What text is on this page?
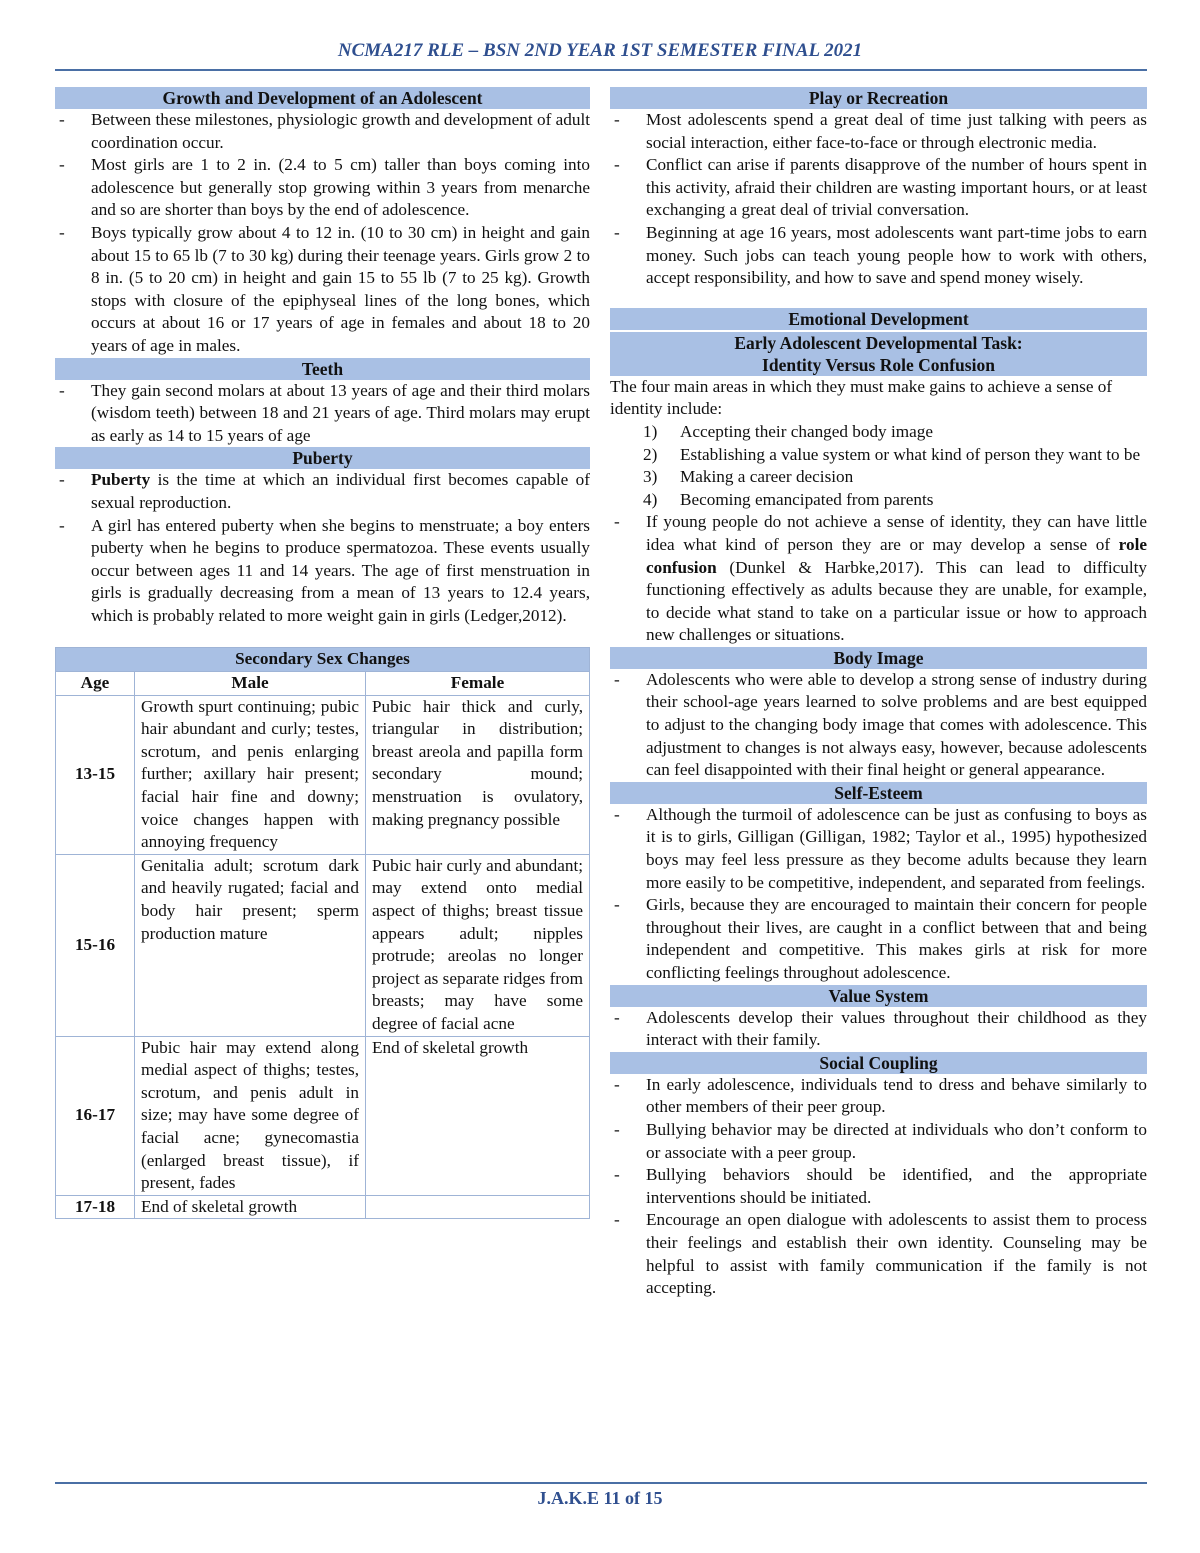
NCMA217 RLE – BSN 2ND YEAR 1ST SEMESTER FINAL 2021
Growth and Development of an Adolescent
- Between these milestones, physiologic growth and development of adult coordination occur.
- Most girls are 1 to 2 in. (2.4 to 5 cm) taller than boys coming into adolescence but generally stop growing within 3 years from menarche and so are shorter than boys by the end of adolescence.
- Boys typically grow about 4 to 12 in. (10 to 30 cm) in height and gain about 15 to 65 lb (7 to 30 kg) during their teenage years. Girls grow 2 to 8 in. (5 to 20 cm) in height and gain 15 to 55 lb (7 to 25 kg). Growth stops with closure of the epiphyseal lines of the long bones, which occurs at about 16 or 17 years of age in females and about 18 to 20 years of age in males.
Teeth
- They gain second molars at about 13 years of age and their third molars (wisdom teeth) between 18 and 21 years of age. Third molars may erupt as early as 14 to 15 years of age
Puberty
- Puberty is the time at which an individual first becomes capable of sexual reproduction.
- A girl has entered puberty when she begins to menstruate; a boy enters puberty when he begins to produce spermatozoa. These events usually occur between ages 11 and 14 years. The age of first menstruation in girls is gradually decreasing from a mean of 13 years to 12.4 years, which is probably related to more weight gain in girls (Ledger,2012).
Secondary Sex Changes		
Age	Male	Female
13-15	Growth spurt continuing; pubic hair abundant and curly; testes, scrotum, and penis enlarging further; axillary hair present; facial hair fine and downy; voice changes happen with annoying frequency	Pubic hair thick and curly, triangular in distribution; breast areola and papilla form secondary mound; menstruation is ovulatory, making pregnancy possible
15-16	Genitalia adult; scrotum dark and heavily rugated; facial and body hair present; sperm production mature	Pubic hair curly and abundant; may extend onto medial aspect of thighs; breast tissue appears adult; nipples protrude; areolas no longer project as separate ridges from breasts; may have some degree of facial acne
16-17	Pubic hair may extend along medial aspect of thighs; testes, scrotum, and penis adult in size; may have some degree of facial acne; gynecomastia (enlarged breast tissue), if present, fades	End of skeletal growth
17-18	End of skeletal growth	
Play or Recreation
- Most adolescents spend a great deal of time just talking with peers as social interaction, either face-to-face or through electronic media.
- Conflict can arise if parents disapprove of the number of hours spent in this activity, afraid their children are wasting important hours, or at least exchanging a great deal of trivial conversation.
- Beginning at age 16 years, most adolescents want part-time jobs to earn money. Such jobs can teach young people how to work with others, accept responsibility, and how to save and spend money wisely.
Emotional Development
Early Adolescent Developmental Task:
Identity Versus Role Confusion

The four main areas in which they must make gains to achieve a sense of identity include:

1) Accepting their changed body image
2) Establishing a value system or what kind of person they want to be
3) Making a career decision
4) Becoming emancipated from parents
- If young people do not achieve a sense of identity, they can have little idea what kind of person they are or may develop a sense of role confusion (Dunkel & Harbke,2017). This can lead to difficulty functioning effectively as adults because they are unable, for example, to decide what stand to take on a particular issue or how to approach new challenges or situations.
Body Image
- Adolescents who were able to develop a strong sense of industry during their school-age years learned to solve problems and are best equipped to adjust to the changing body image that comes with adolescence. This adjustment to changes is not always easy, however, because adolescents can feel disappointed with their final height or general appearance.
Self-Esteem
- Although the turmoil of adolescence can be just as confusing to boys as it is to girls, Gilligan (Gilligan, 1982; Taylor et al., 1995) hypothesized boys may feel less pressure as they become adults because they learn more easily to be competitive, independent, and separated from feelings.
- Girls, because they are encouraged to maintain their concern for people throughout their lives, are caught in a conflict between that and being independent and competitive. This makes girls at risk for more conflicting feelings throughout adolescence.
Value System
- Adolescents develop their values throughout their childhood as they interact with their family.
Social Coupling
- In early adolescence, individuals tend to dress and behave similarly to other members of their peer group.
- Bullying behavior may be directed at individuals who don’t conform to or associate with a peer group.
- Bullying behaviors should be identified, and the appropriate interventions should be initiated.
- Encourage an open dialogue with adolescents to assist them to process their feelings and establish their own identity. Counseling may be helpful to assist with family communication if the family is not accepting.
J.A.K.E 11 of 15
